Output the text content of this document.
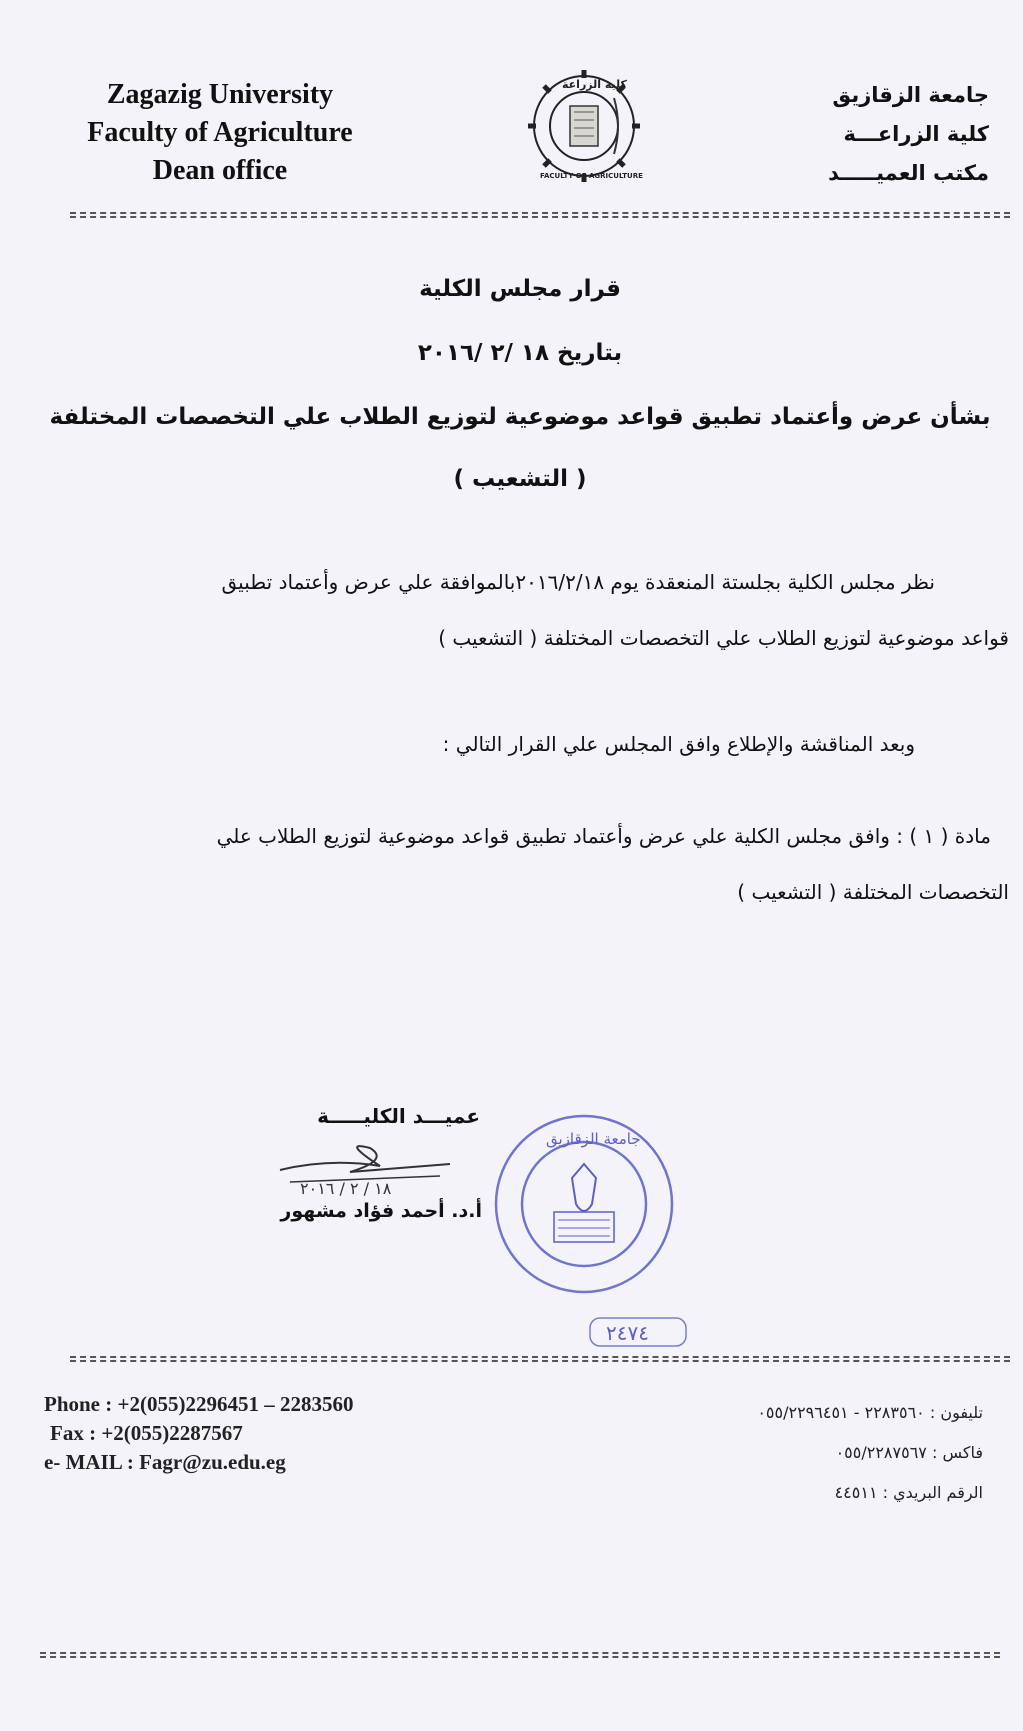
Zagazig University
Faculty of Agriculture
Dean office
كلية الزراعة
FACULTY OF AGRICULTURE
جامعة الزقازيق
كلية الزراعـــة
مكتب العميـــــد
قرار مجلس الكلية
بتاريخ ١٨ /٢ /٢٠١٦
بشأن عرض وأعتماد تطبيق قواعد موضوعية لتوزيع الطلاب علي التخصصات المختلفة
( التشعيب )
نظر مجلس الكلية بجلستة المنعقدة يوم ٢٠١٦/٢/١٨بالموافقة علي عرض وأعتماد تطبيق
قواعد موضوعية لتوزيع الطلاب علي التخصصات المختلفة ( التشعيب )
وبعد المناقشة والإطلاع وافق المجلس علي القرار التالي :
مادة ( ١ ) : وافق مجلس الكلية علي عرض وأعتماد تطبيق قواعد موضوعية لتوزيع الطلاب علي
التخصصات المختلفة ( التشعيب )
عميـــد الكليـــــة
١٨ / ٢ / ٢٠١٦
أ.د. أحمد فؤاد مشهور
جامعة الزقازيق
٢٤٧٤
Phone : +2(055)2296451 – 2283560
Fax : +2(055)2287567
e- MAIL : Fagr@zu.edu.eg
تليفون : ٢٢٨٣٥٦٠ - ٠٥٥/٢٢٩٦٤٥١
فاكس : ٠٥٥/٢٢٨٧٥٦٧
الرقم البريدي : ٤٤٥١١
